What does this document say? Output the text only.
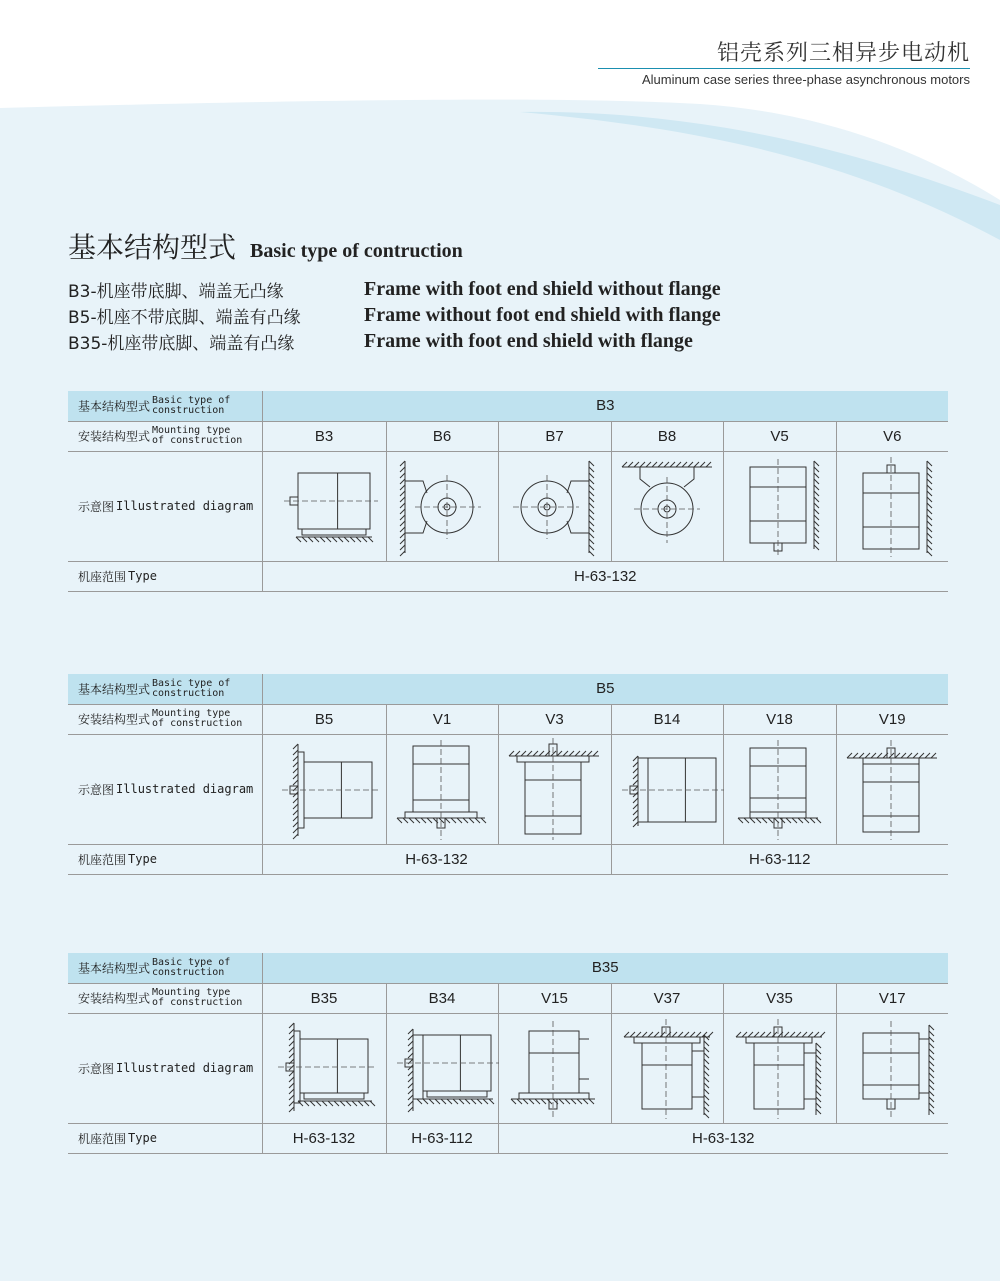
铝壳系列三相异步电动机
Aluminum case series three-phase asynchronous motors
基本结构型式 Basic type of contruction
B3-机座带底脚、端盖无凸缘	Frame with foot end shield without flange
B5-机座不带底脚、端盖有凸缘	Frame without foot end shield with flange
B35-机座带底脚、端盖有凸缘	Frame with foot end shield with flange
基本结构型式 Basic type of
construction	B3					
安装结构型式 Mounting type
of construction	B3	B6	B7	B8	V5	V6
示意图 Illustrated diagram	

机座范围 Type	H-63-132					
基本结构型式 Basic type of
construction	B5					
安装结构型式 Mounting type
of construction	B5	V1	V3	B14	V18	V19
示意图 Illustrated diagram	

机座范围 Type	H-63-132			H-63-112		
基本结构型式 Basic type of
construction	B35					
安装结构型式 Mounting type
of construction	B35	B34	V15	V37	V35	V17
示意图 Illustrated diagram	

机座范围 Type	H-63-132	H-63-112	H-63-132			
